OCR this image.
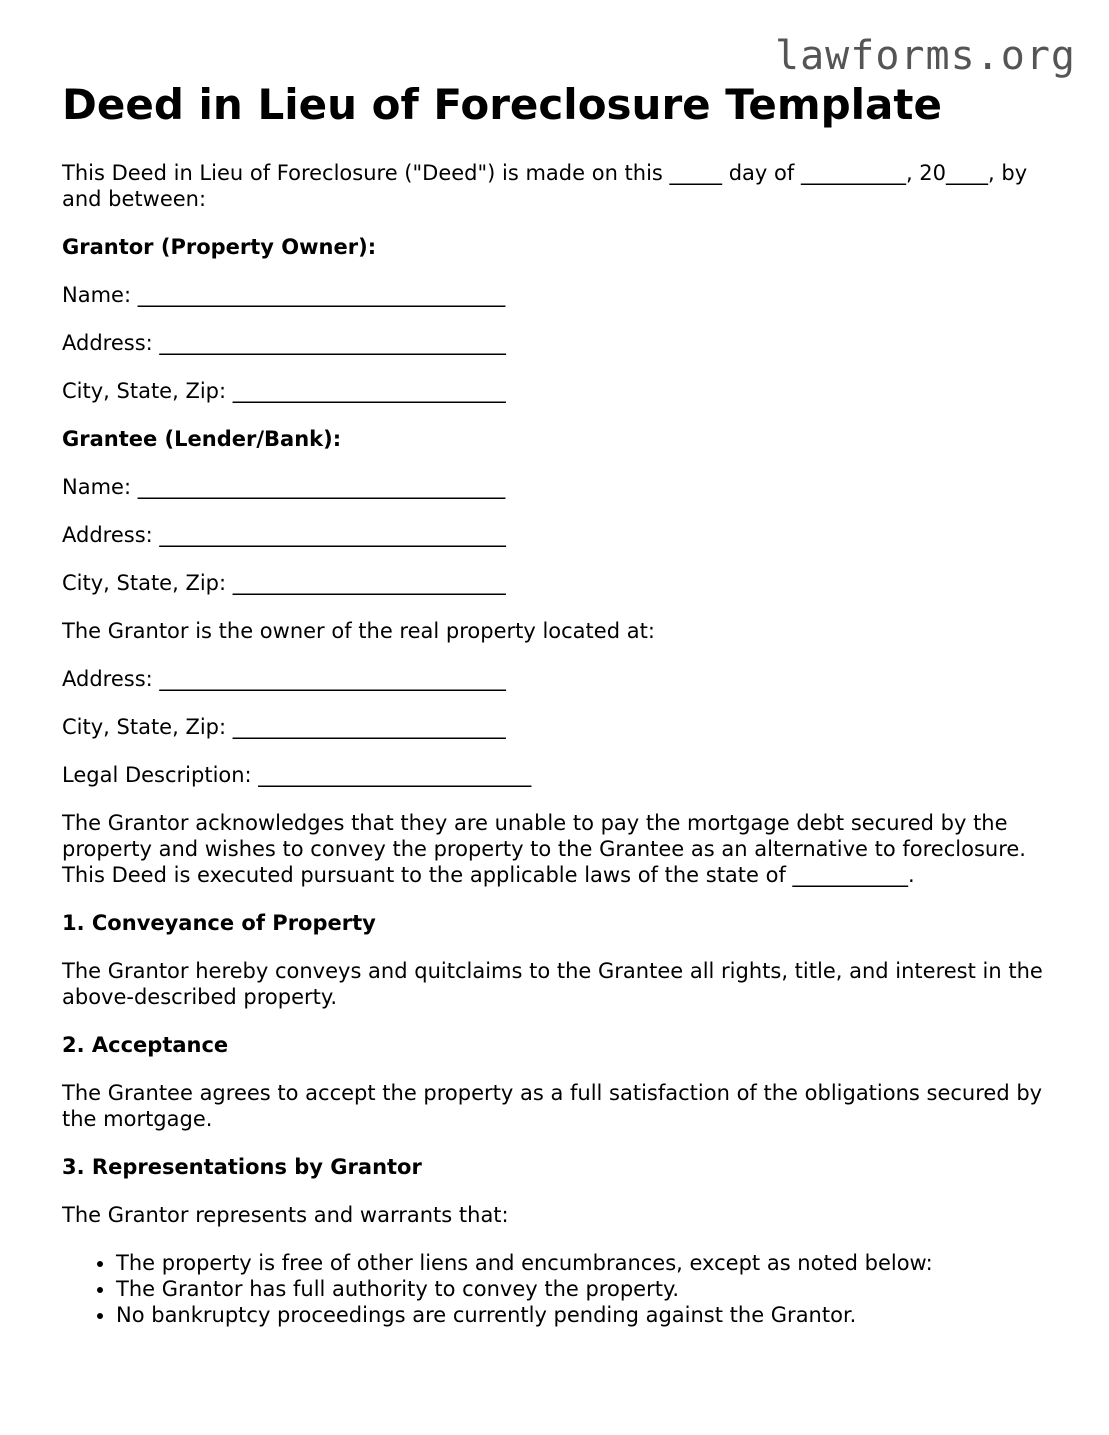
lawforms.org
Deed in Lieu of Foreclosure Template

This Deed in Lieu of Foreclosure ("Deed") is made on this _____ day of __________, 20____, by and between:

Grantor (Property Owner):
Name: ___________________________________
Address: _________________________________
City, State, Zip: __________________________
Grantee (Lender/Bank):
Name: ___________________________________
Address: _________________________________
City, State, Zip: __________________________

The Grantor is the owner of the real property located at:

Address: _________________________________
City, State, Zip: __________________________
Legal Description: __________________________

The Grantor acknowledges that they are unable to pay the mortgage debt secured by the property and wishes to convey the property to the Grantee as an alternative to foreclosure. This Deed is executed pursuant to the applicable laws of the state of ___________.

1. Conveyance of Property

The Grantor hereby conveys and quitclaims to the Grantee all rights, title, and interest in the above-described property.

2. Acceptance

The Grantee agrees to accept the property as a full satisfaction of the obligations secured by the mortgage.

3. Representations by Grantor

The Grantor represents and warrants that:

• The property is free of other liens and encumbrances, except as noted below:
• The Grantor has full authority to convey the property.
• No bankruptcy proceedings are currently pending against the Grantor.
